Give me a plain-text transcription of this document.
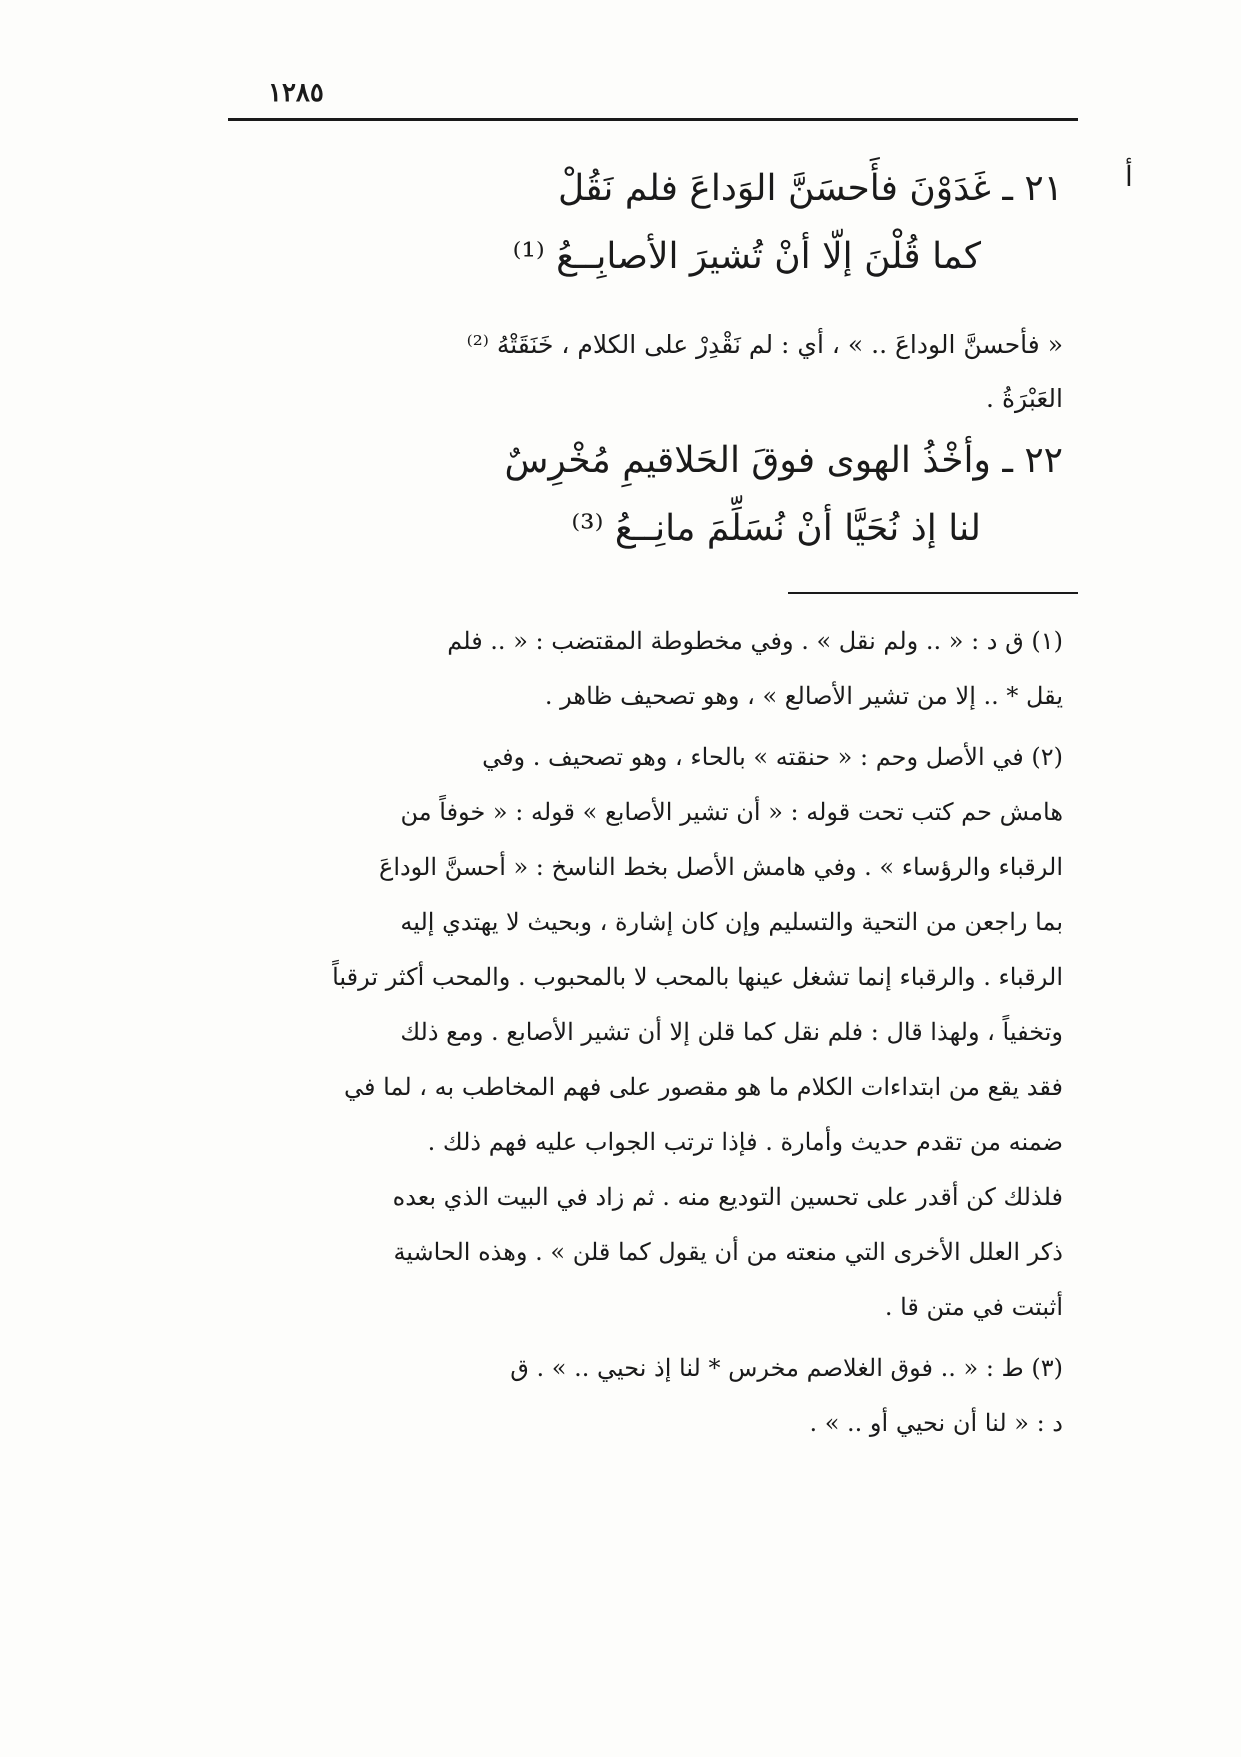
١٢٨٥
أ
٢١ ـ غَدَوْنَ فأَحسَنَّ الوَداعَ فلم نَقُلْ
كما قُلْنَ إلّا أنْ تُشيرَ الأصابِــعُ ⁽¹⁾
« فأحسنَّ الوداعَ .. » ، أي : لم نَقْدِرْ على الكلام ، خَنَقَتْهُ ⁽²⁾
العَبْرَةُ .
٢٢ ـ وأخْذُ الهوى فوقَ الحَلاقيمِ مُخْرِسٌ
لنا إذ نُحَيَّا أنْ نُسَلِّمَ مانِــعُ ⁽³⁾
(١) ق د : « .. ولم نقل » . وفي مخطوطة المقتضب : « .. فلم
يقل * .. إلا من تشير الأصالع » ، وهو تصحيف ظاهر .
(٢) في الأصل وحم : « حنقته » بالحاء ، وهو تصحيف . وفي
هامش حم كتب تحت قوله : « أن تشير الأصابع » قوله : « خوفاً من
الرقباء والرؤساء » . وفي هامش الأصل بخط الناسخ : « أحسنَّ الوداعَ
بما راجعن من التحية والتسليم وإن كان إشارة ، وبحيث لا يهتدي إليه
الرقباء . والرقباء إنما تشغل عينها بالمحب لا بالمحبوب . والمحب أكثر ترقباً
وتخفياً ، ولهذا قال : فلم نقل كما قلن إلا أن تشير الأصابع . ومع ذلك
فقد يقع من ابتداءات الكلام ما هو مقصور على فهم المخاطب به ، لما في
ضمنه من تقدم حديث وأمارة . فإذا ترتب الجواب عليه فهم ذلك .
فلذلك كن أقدر على تحسين التوديع منه . ثم زاد في البيت الذي بعده
ذكر العلل الأخرى التي منعته من أن يقول كما قلن » . وهذه الحاشية
أثبتت في متن قا .
(٣) ط : « .. فوق الغلاصم مخرس * لنا إذ نحيي .. » . ق
د : « لنا أن نحيي أو .. » .
